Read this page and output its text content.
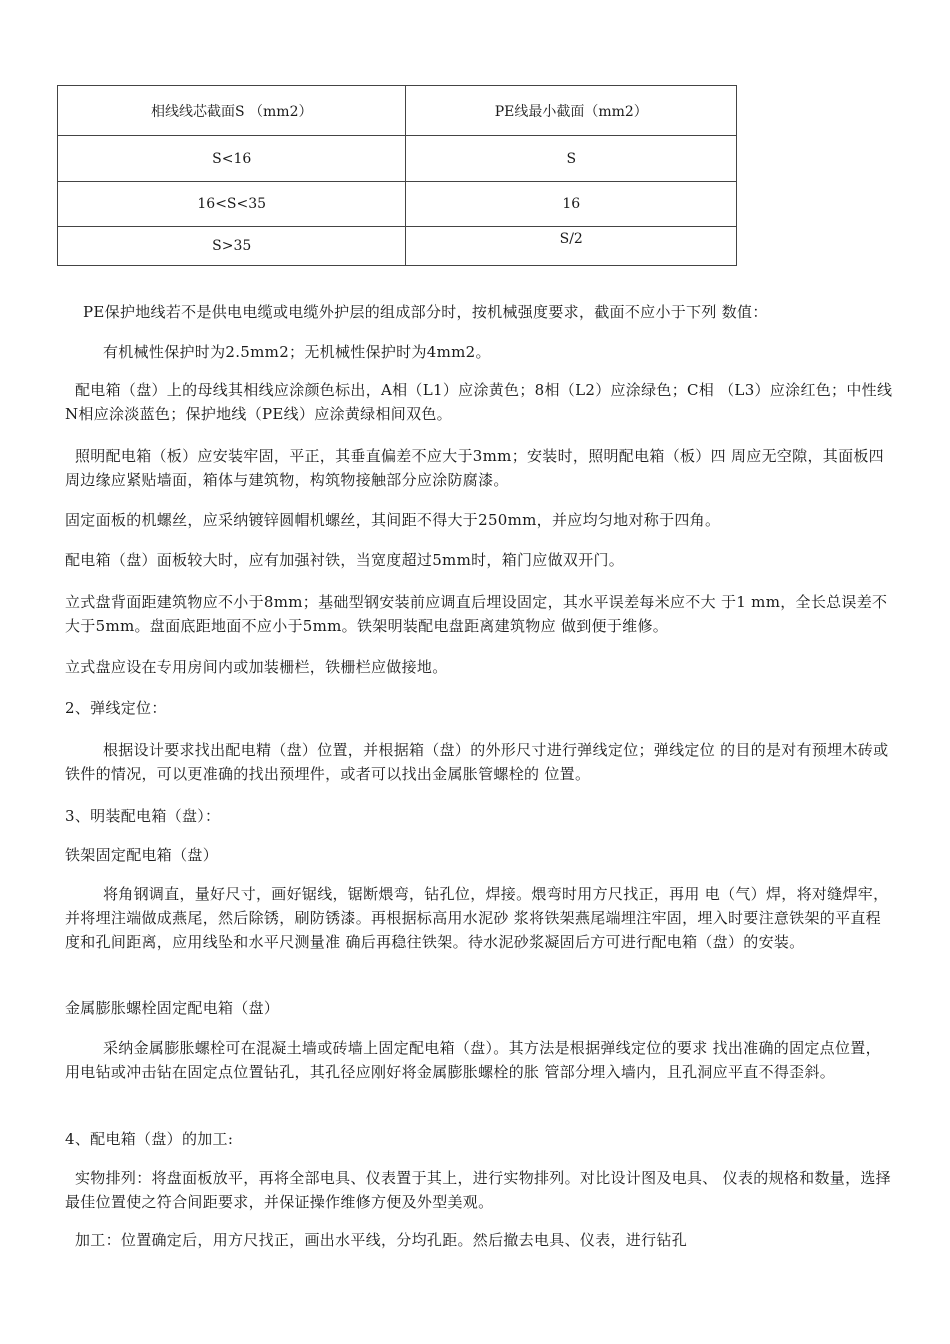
相线线芯截面S （mm2）	PE线最小截面（mm2）
S<16	S
16<S<35	16
S>35	S/2

PE保护地线若不是供电电缆或电缆外护层的组成部分时，按机械强度要求，截面不应小于下列 数值：

有机械性保护时为2.5mm2；无机械性保护时为4mm2。

配电箱（盘）上的母线其相线应涂颜色标出，A相（L1）应涂黄色；8相（L2）应涂绿色；C相 （L3）应涂红色；中性线N相应涂淡蓝色；保护地线（PE线）应涂黄绿相间双色。

照明配电箱（板）应安装牢固，平正，其垂直偏差不应大于3mm；安装时，照明配电箱（板）四 周应无空隙，其面板四周边缘应紧贴墙面，箱体与建筑物，构筑物接触部分应涂防腐漆。

固定面板的机螺丝，应采纳镀锌圆帽机螺丝，其间距不得大于250mm，并应均匀地对称于四角。

配电箱（盘）面板较大时，应有加强衬铁，当宽度超过5mm时，箱门应做双开门。

立式盘背面距建筑物应不小于8mm；基础型钢安装前应调直后埋设固定，其水平误差每米应不大 于1 mm，全长总误差不大于5mm。盘面底距地面不应小于5mm。铁架明装配电盘距离建筑物应 做到便于维修。

立式盘应设在专用房间内或加装栅栏，铁栅栏应做接地。

2、弹线定位：

根据设计要求找出配电精（盘）位置，并根据箱（盘）的外形尺寸进行弹线定位；弹线定位 的目的是对有预埋木砖或铁件的情况，可以更准确的找出预埋件，或者可以找出金属胀管螺栓的 位置。

3、明装配电箱（盘）：

铁架固定配电箱（盘）

将角钢调直，量好尺寸，画好锯线，锯断煨弯，钻孔位，焊接。煨弯时用方尺找正，再用 电（气）焊，将对缝焊牢，并将埋注端做成燕尾，然后除锈，刷防锈漆。再根据标高用水泥砂 浆将铁架燕尾端埋注牢固，埋入时要注意铁架的平直程度和孔间距离，应用线坠和水平尺测量准 确后再稳往铁架。待水泥砂浆凝固后方可进行配电箱（盘）的安装。

金属膨胀螺栓固定配电箱（盘）

采纳金属膨胀螺栓可在混凝土墙或砖墙上固定配电箱（盘）。其方法是根据弹线定位的要求 找出准确的固定点位置，用电钻或冲击钻在固定点位置钻孔，其孔径应刚好将金属膨胀螺栓的胀 管部分埋入墙内，且孔洞应平直不得歪斜。

4、配电箱（盘）的加工:

实物排列：将盘面板放平，再将全部电具、仪表置于其上，进行实物排列。对比设计图及电具、 仪表的规格和数量，选择最佳位置使之符合间距要求，并保证操作维修方便及外型美观。

加工：位置确定后，用方尺找正，画出水平线，分均孔距。然后撤去电具、仪表，进行钻孔
